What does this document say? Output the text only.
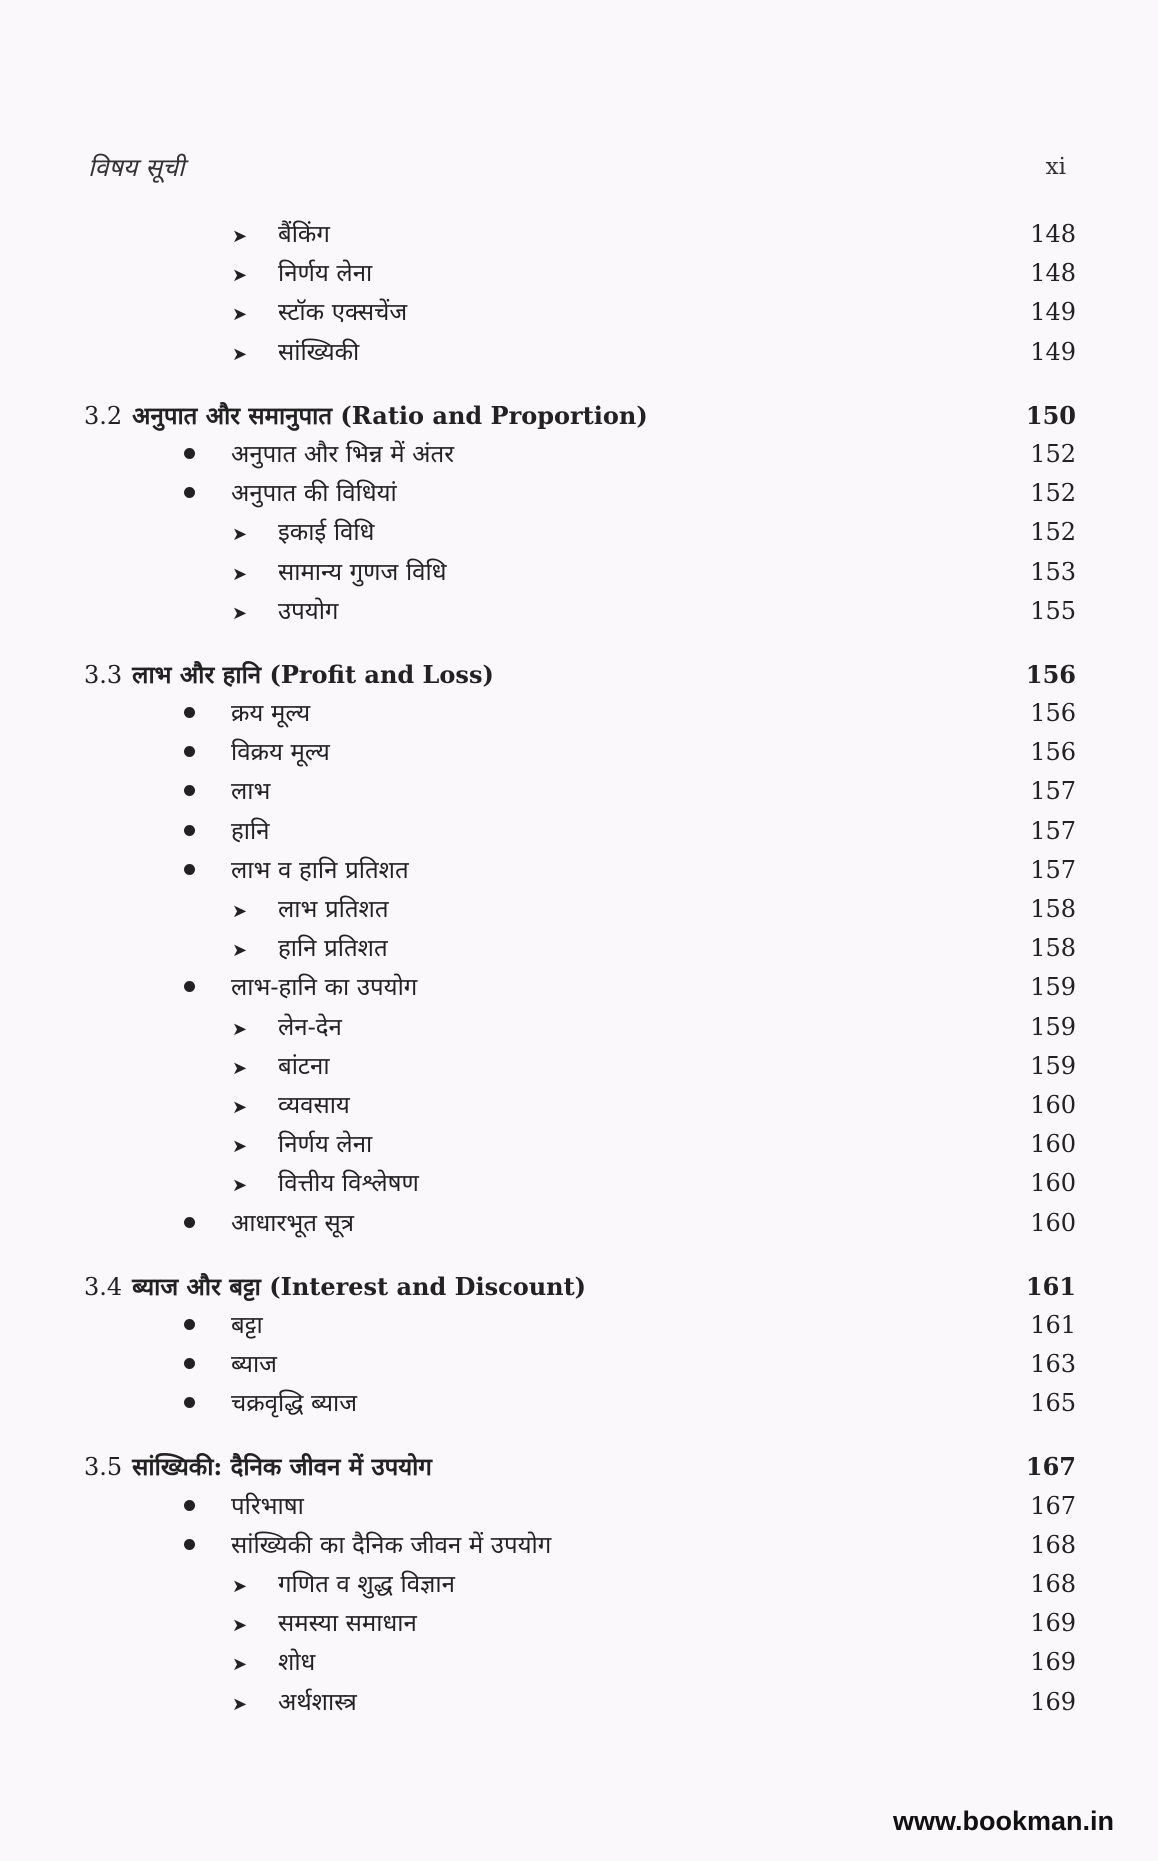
विषय सूची	xi
➤ बैंकिंग	148
➤ निर्णय लेना	148
➤ स्टॉक एक्सचेंज	149
➤ सांख्यिकी	149
3.2 अनुपात और समानुपात (Ratio and Proportion)	150
अनुपात और भिन्न में अंतर	152
अनुपात की विधियां	152
➤ इकाई विधि	152
➤ सामान्य गुणज विधि	153
➤ उपयोग	155
3.3 लाभ और हानि (Profit and Loss)	156
क्रय मूल्य	156
विक्रय मूल्य	156
लाभ	157
हानि	157
लाभ व हानि प्रतिशत	157
➤ लाभ प्रतिशत	158
➤ हानि प्रतिशत	158
लाभ-हानि का उपयोग	159
➤ लेन-देन	159
➤ बांटना	159
➤ व्यवसाय	160
➤ निर्णय लेना	160
➤ वित्तीय विश्लेषण	160
आधारभूत सूत्र	160
3.4 ब्याज और बट्टा (Interest and Discount)	161
बट्टा	161
ब्याज	163
चक्रवृद्धि ब्याज	165
3.5 सांख्यिकी: दैनिक जीवन में उपयोग	167
परिभाषा	167
सांख्यिकी का दैनिक जीवन में उपयोग	168
➤ गणित व शुद्ध विज्ञान	168
➤ समस्या समाधान	169
➤ शोध	169
➤ अर्थशास्त्र	169
www.bookman.in
